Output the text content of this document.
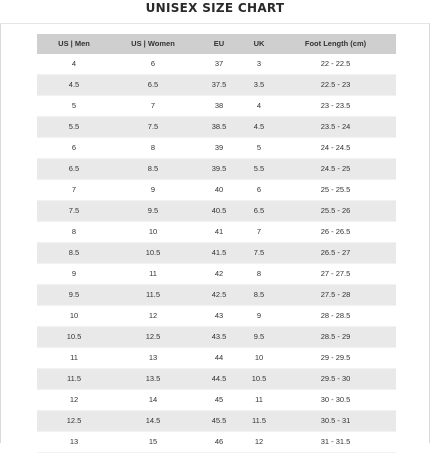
UNISEX SIZE CHART
US | Men	US | Women	EU	UK	Foot Length (cm)
4	6	37	3	22 - 22.5
4.5	6.5	37.5	3.5	22.5 - 23
5	7	38	4	23 - 23.5
5.5	7.5	38.5	4.5	23.5 - 24
6	8	39	5	24 - 24.5
6.5	8.5	39.5	5.5	24.5 - 25
7	9	40	6	25 - 25.5
7.5	9.5	40.5	6.5	25.5 - 26
8	10	41	7	26 - 26.5
8.5	10.5	41.5	7.5	26.5 - 27
9	11	42	8	27 - 27.5
9.5	11.5	42.5	8.5	27.5 - 28
10	12	43	9	28 - 28.5
10.5	12.5	43.5	9.5	28.5 - 29
11	13	44	10	29 - 29.5
11.5	13.5	44.5	10.5	29.5 - 30
12	14	45	11	30 - 30.5
12.5	14.5	45.5	11.5	30.5 - 31
13	15	46	12	31 - 31.5
